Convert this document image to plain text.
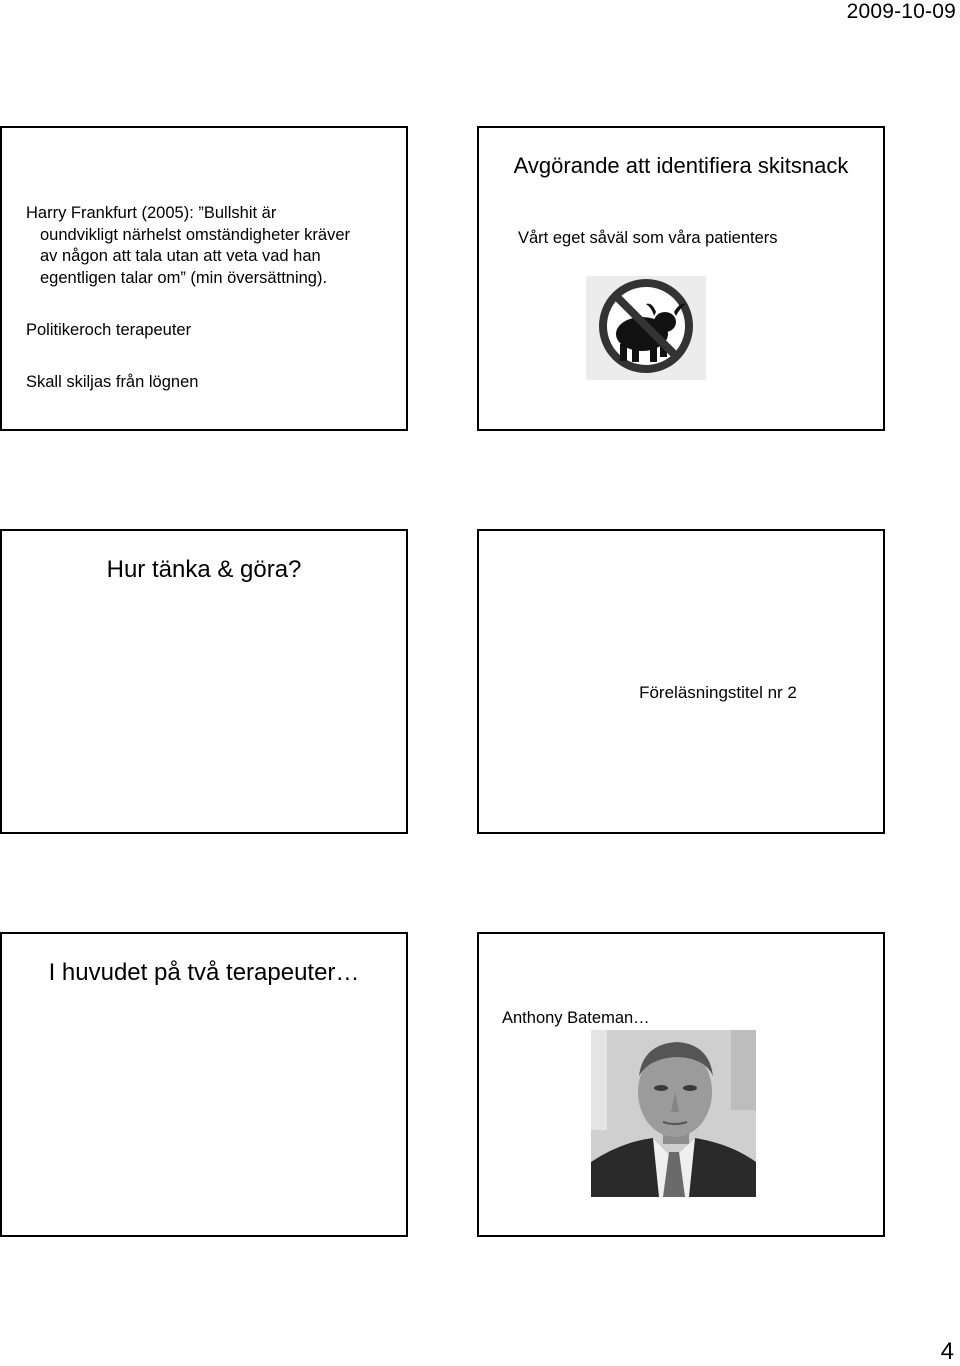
2009-10-09
Harry Frankfurt (2005): ”Bullshit är
oundvikligt närhelst omständigheter kräver
av någon att tala utan att veta vad han
egentligen talar om” (min översättning).
Politikeroch terapeuter
Skall skiljas från lögnen
Avgörande att identifiera skitsnack
Vårt eget såväl som våra patienters
Hur tänka & göra?
Föreläsningstitel nr 2
I huvudet på två terapeuter…
Anthony Bateman…
4
